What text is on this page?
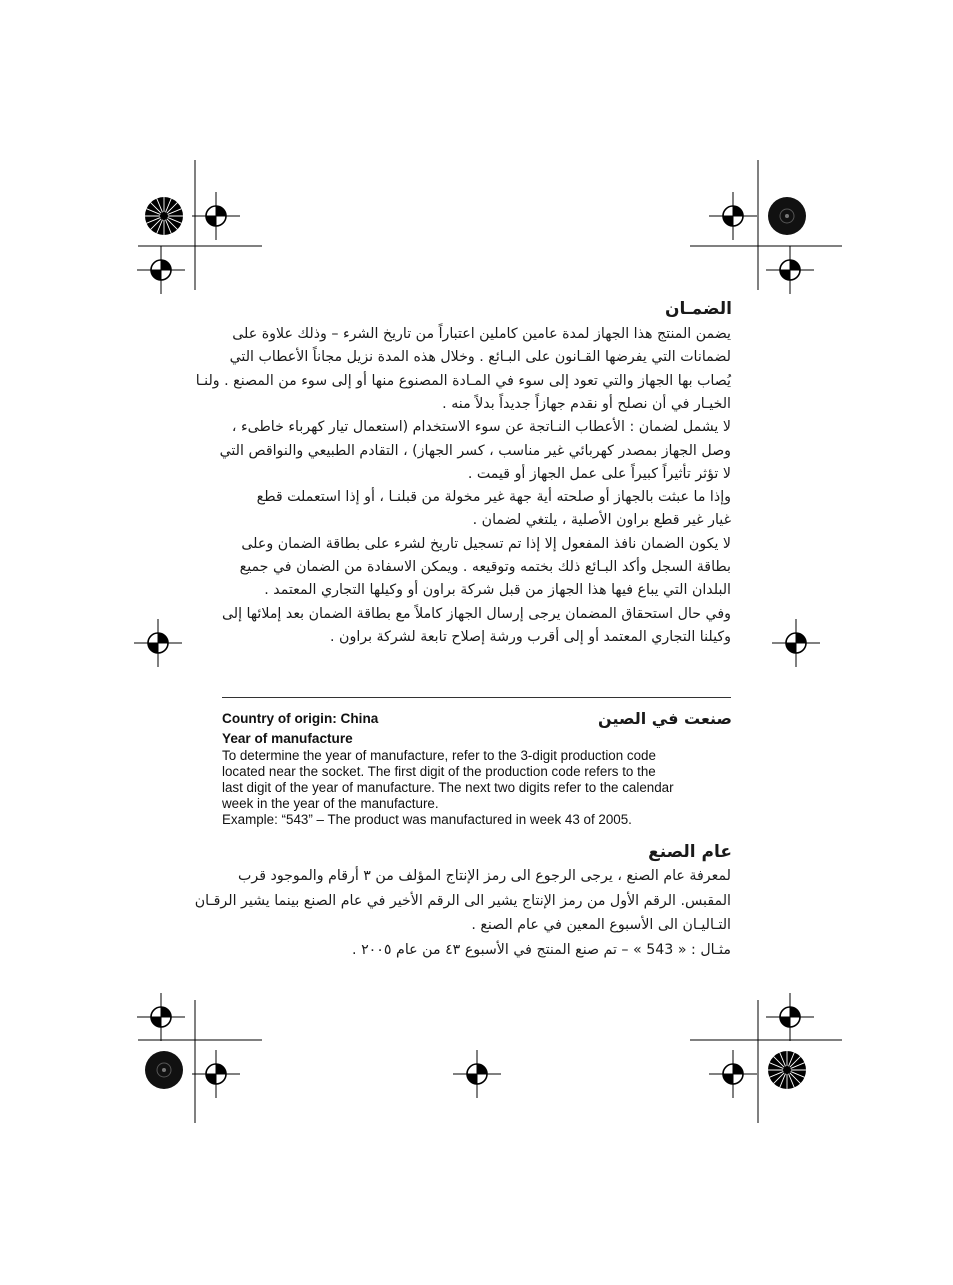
الضمـان
Country of origin: China	صنعت في الصين
Year of manufacture
عام الصنع
يضمن المنتج هذا الجهاز لمدة عامين كاملين اعتباراً من تاريخ الشرء – وذلك علاوة على
لضمانات التي يفرضها القـانون على البـائع . وخلال هذه المدة نزيل مجاناً الأعطاب التي
يُصاب بها الجهاز والتي تعود إلى سوء في المـادة المصنوع منها أو إلى سوء من المصنع . ولنـا
الخيـار في أن نصلح أو نقدم جهازاً جديداً بدلاً منه .
لا يشمل لضمان : الأعطاب النـاتجة عن سوء الاستخدام (استعمال تيار كهرباء خاطىء ،
وصل الجهاز بمصدر كهربائي غير مناسب ، كسر الجهاز) ، التقادم الطبيعي والنواقص التي
لا تؤثر تأثيراً كبيراً على عمل الجهاز أو قيمت .
وإذا ما عبثت بالجهاز أو صلحته أية جهة غير مخولة من قبلنـا ، أو إذا استعملت قطع
غيار غير قطع براون الأصلية ، يلتغي لضمان .
لا يكون الضمان نافذ المفعول إلا إذا تم تسجيل تاريخ لشرء على بطاقة الضمان وعلى
بطاقة السجل وأكد البـائع ذلك بختمه وتوقيعه . ويمكن الاسفادة من الضمان في جميع
البلدان التي يباع فيها هذا الجهاز من قبل شركة براون أو وكيلها التجاري المعتمد .
وفي حال استحقاق المضمان يرجى إرسال الجهاز كاملاً مع بطاقة الضمان بعد إملائها إلى
وكيلنا التجاري المعتمد أو إلى أقرب ورشة إصلاح تابعة لشركة براون .
To determine the year of manufacture, refer to the 3-digit production code
located near the socket. The first digit of the production code refers to the
last digit of the year of manufacture. The next two digits refer to the calendar
week in the year of the manufacture.
Example: “543” – The product was manufactured in week 43 of 2005.
لمعرفة عام الصنع ، يرجى الرجوع الى رمز الإنتاج المؤلف من ٣ أرقام والموجود قرب
المقبس. الرقم الأول من رمز الإنتاج يشير الى الرقم الأخير في عام الصنع بينما يشير الرقـان
التـاليـان الى الأسبوع المعين في عام الصنع .
مثـال : « 543 » – تم صنع المنتج في الأسبوع ٤٣ من عام ٢٠٠٥ .
